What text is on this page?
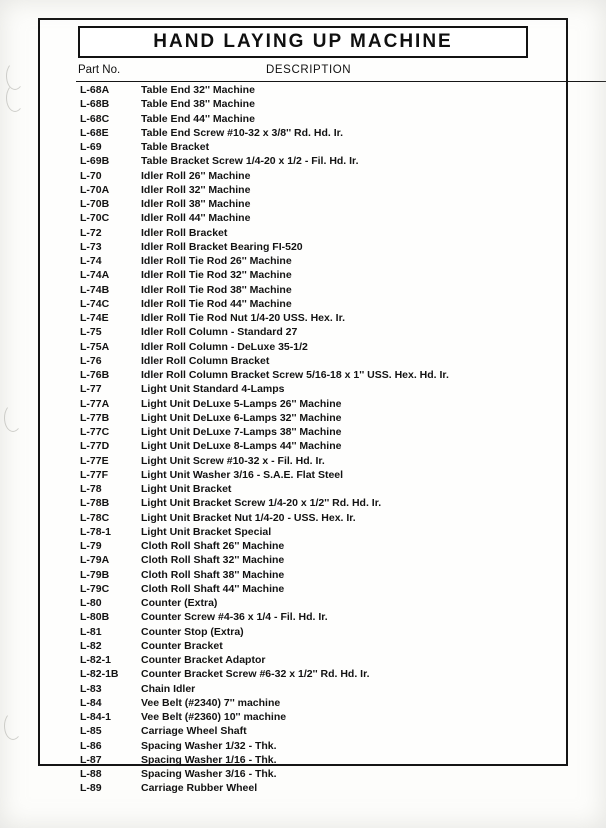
HAND LAYING UP MACHINE
Part No.	DESCRIPTION
L-68A	Table End 32'' Machine
L-68B	Table End 38'' Machine
L-68C	Table End 44'' Machine
L-68E	Table End Screw #10-32 x 3/8'' Rd. Hd. Ir.
L-69	Table Bracket
L-69B	Table Bracket Screw 1/4-20 x 1/2 - Fil. Hd. Ir.
L-70	Idler Roll 26'' Machine
L-70A	Idler Roll 32'' Machine
L-70B	Idler Roll 38'' Machine
L-70C	Idler Roll 44'' Machine
L-72	Idler Roll Bracket
L-73	Idler Roll Bracket Bearing FI-520
L-74	Idler Roll Tie Rod 26'' Machine
L-74A	Idler Roll Tie Rod 32'' Machine
L-74B	Idler Roll Tie Rod 38'' Machine
L-74C	Idler Roll Tie Rod 44'' Machine
L-74E	Idler Roll Tie Rod Nut 1/4-20 USS. Hex. Ir.
L-75	Idler Roll Column - Standard 27
L-75A	Idler Roll Column - DeLuxe 35-1/2
L-76	Idler Roll Column Bracket
L-76B	Idler Roll Column Bracket Screw 5/16-18 x 1'' USS. Hex. Hd. Ir.
L-77	Light Unit Standard 4-Lamps
L-77A	Light Unit DeLuxe 5-Lamps 26'' Machine
L-77B	Light Unit DeLuxe 6-Lamps 32'' Machine
L-77C	Light Unit DeLuxe 7-Lamps 38'' Machine
L-77D	Light Unit DeLuxe 8-Lamps 44'' Machine
L-77E	Light Unit Screw #10-32 x - Fil. Hd. Ir.
L-77F	Light Unit Washer 3/16 - S.A.E. Flat Steel
L-78	Light Unit Bracket
L-78B	Light Unit Bracket Screw 1/4-20 x 1/2'' Rd. Hd. Ir.
L-78C	Light Unit Bracket Nut 1/4-20 - USS. Hex. Ir.
L-78-1	Light Unit Bracket Special
L-79	Cloth Roll Shaft 26'' Machine
L-79A	Cloth Roll Shaft 32'' Machine
L-79B	Cloth Roll Shaft 38'' Machine
L-79C	Cloth Roll Shaft 44'' Machine
L-80	Counter (Extra)
L-80B	Counter Screw #4-36 x 1/4 - Fil. Hd. Ir.
L-81	Counter Stop (Extra)
L-82	Counter Bracket
L-82-1	Counter Bracket Adaptor
L-82-1B	Counter Bracket Screw #6-32 x 1/2'' Rd. Hd. Ir.
L-83	Chain Idler
L-84	Vee Belt (#2340) 7'' machine
L-84-1	Vee Belt (#2360) 10'' machine
L-85	Carriage Wheel Shaft
L-86	Spacing Washer 1/32 - Thk.
L-87	Spacing Washer 1/16 - Thk.
L-88	Spacing Washer 3/16 - Thk.
L-89	Carriage Rubber Wheel
